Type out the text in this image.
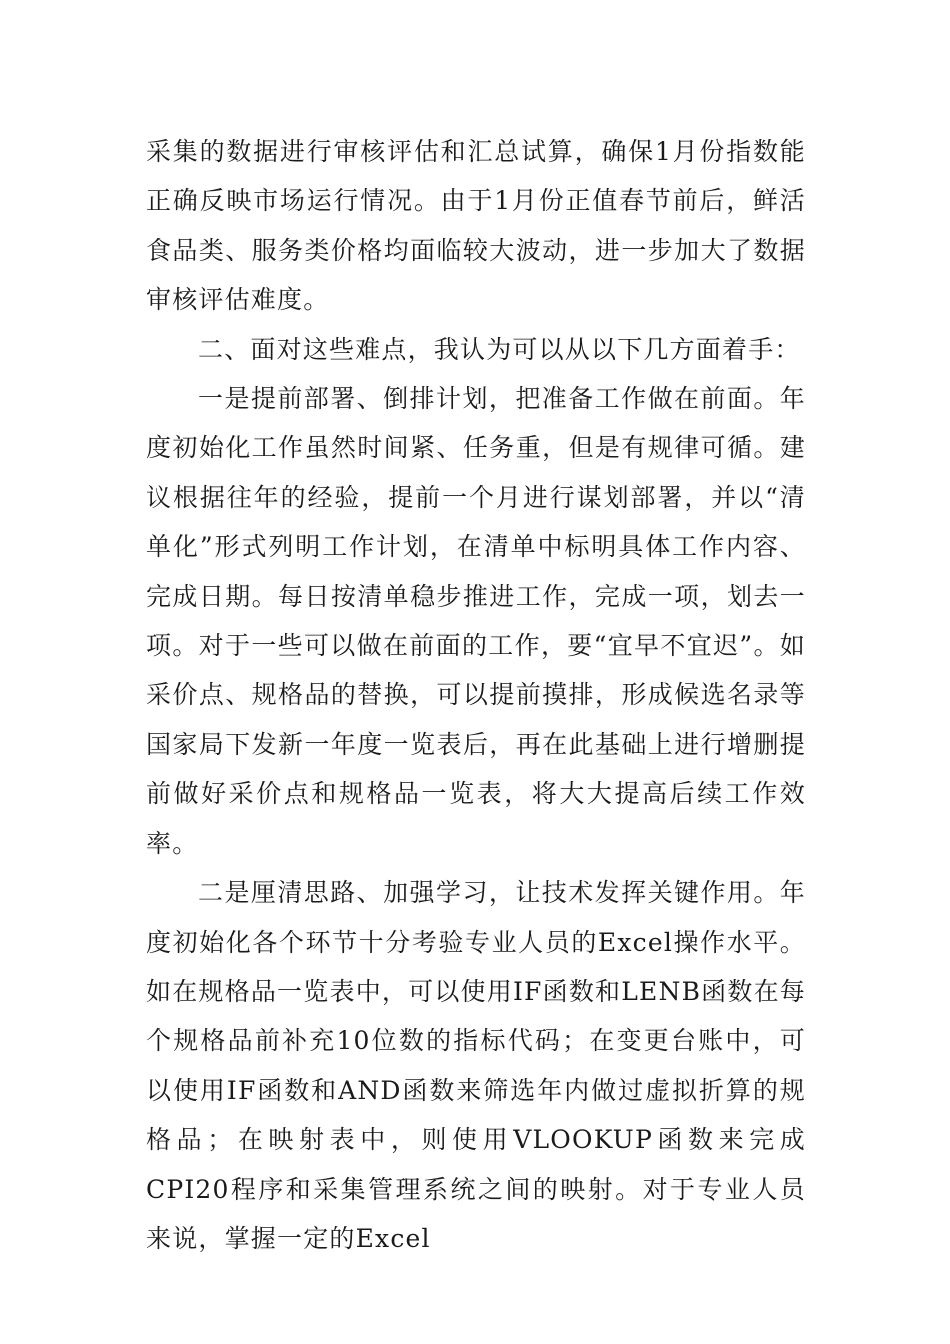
采集的数据进行审核评估和汇总试算，确保1月份指数能正确反映市场运行情况。由于1月份正值春节前后，鲜活食品类、服务类价格均面临较大波动，进一步加大了数据审核评估难度。

二、面对这些难点，我认为可以从以下几方面着手：

一是提前部署、倒排计划，把准备工作做在前面。年度初始化工作虽然时间紧、任务重，但是有规律可循。建议根据往年的经验，提前一个月进行谋划部署，并以“清单化”形式列明工作计划，在清单中标明具体工作内容、完成日期。每日按清单稳步推进工作，完成一项，划去一项。对于一些可以做在前面的工作，要“宜早不宜迟”。如采价点、规格品的替换，可以提前摸排，形成候选名录等国家局下发新一年度一览表后，再在此基础上进行增删提前做好采价点和规格品一览表，将大大提高后续工作效率。

二是厘清思路、加强学习，让技术发挥关键作用。年度初始化各个环节十分考验专业人员的Excel操作水平。如在规格品一览表中，可以使用IF函数和LENB函数在每个规格品前补充10位数的指标代码；在变更台账中，可以使用IF函数和AND函数来筛选年内做过虚拟折算的规格品；在映射表中，则使用VLOOKUP函数来完成CPI20程序和采集管理系统之间的映射。对于专业人员来说，掌握一定的Excel
